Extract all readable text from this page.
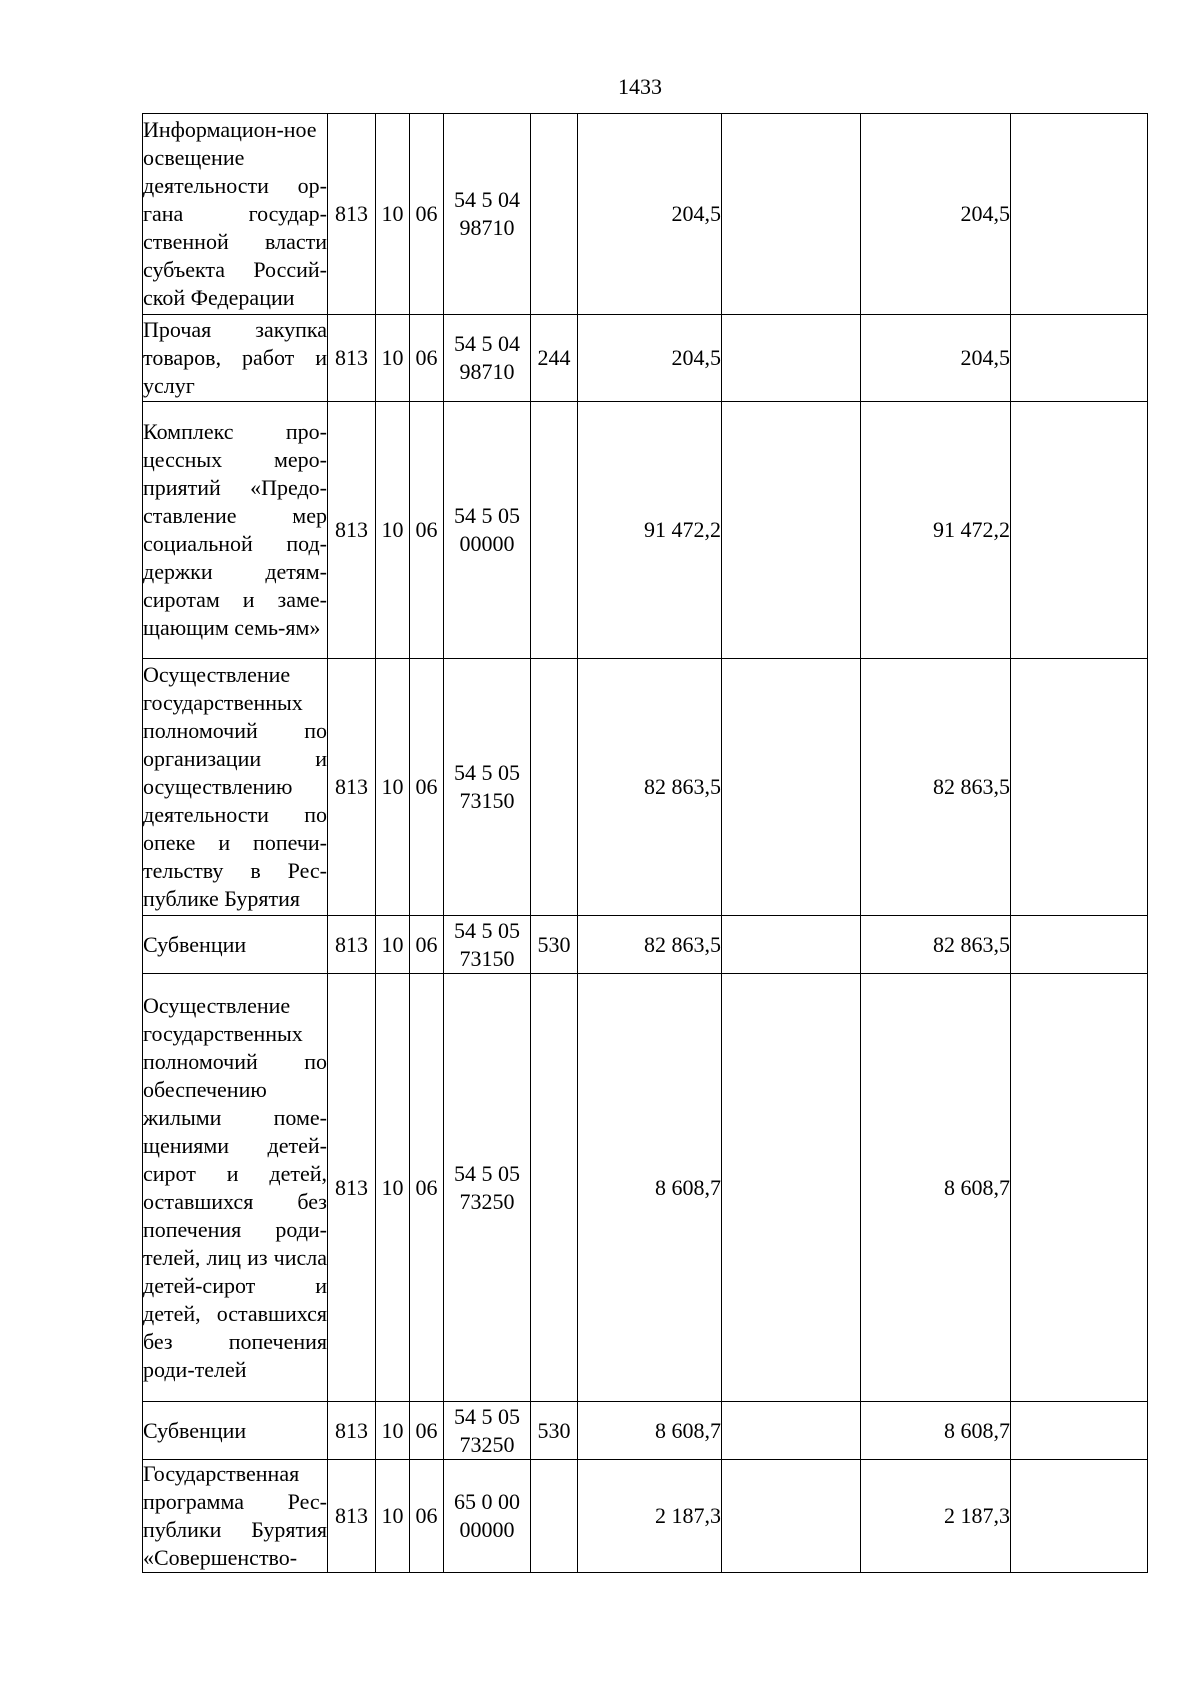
1433
Информацион-ное освещение деятельности ор-гана государ-ственной власти субъекта Россий-ской Федерации	813	10	06	54 5 04 98710		204,5		204,5	
Прочая закупка товаров, работ и услуг	813	10	06	54 5 04 98710	244	204,5		204,5	
Комплекс про-цессных меро-приятий «Предо-ставление мер социальной под-держки детям-сиротам и заме-щающим семь-ям»	813	10	06	54 5 05 00000		91 472,2		91 472,2	
Осуществление государственных полномочий по организации и осуществлению деятельности по опеке и попечи-тельству в Рес-публике Бурятия	813	10	06	54 5 05 73150		82 863,5		82 863,5	
Субвенции	813	10	06	54 5 05 73150	530	82 863,5		82 863,5	
Осуществление государственных полномочий по обеспечению жилыми поме-щениями детей-сирот и детей, оставшихся без попечения роди-телей, лиц из числа детей-сирот и детей, оставшихся без попечения роди-телей	813	10	06	54 5 05 73250		8 608,7		8 608,7	
Субвенции	813	10	06	54 5 05 73250	530	8 608,7		8 608,7	
Государственная программа Рес-публики Бурятия «Совершенство-	813	10	06	65 0 00 00000		2 187,3		2 187,3	
